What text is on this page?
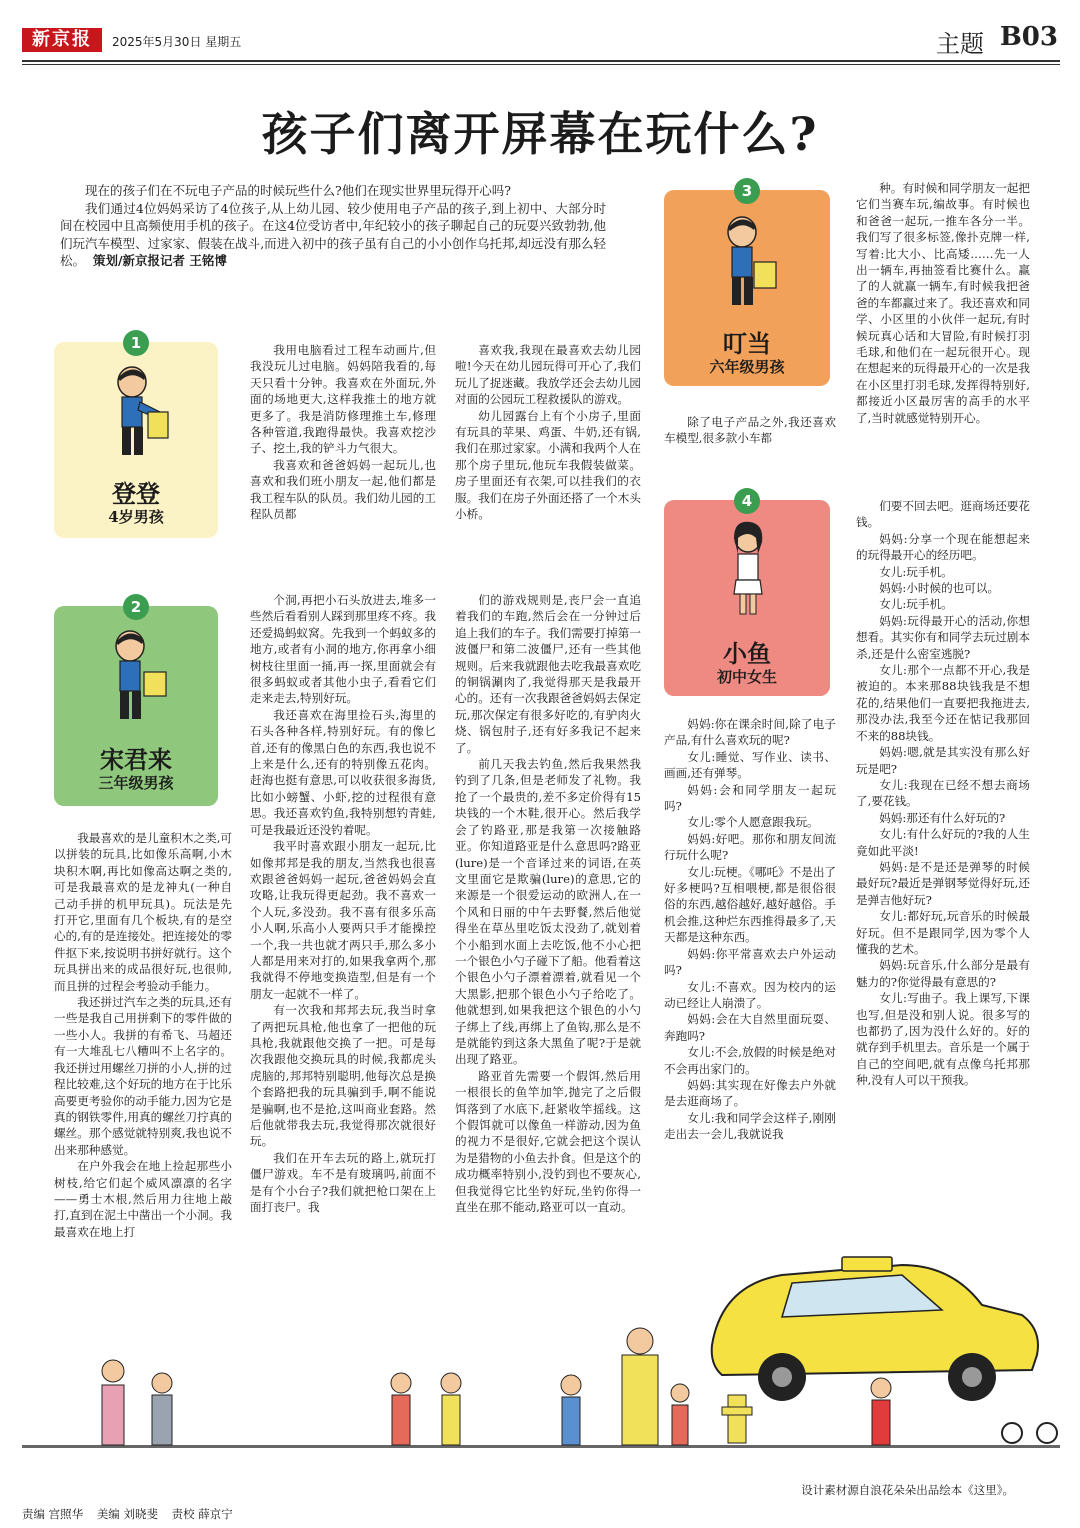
新京报	2025年5月30日 星期五	主题 B03
孩子们离开屏幕在玩什么?

现在的孩子们在不玩电子产品的时候玩些什么?他们在现实世界里玩得开心吗?

我们通过4位妈妈采访了4位孩子,从上幼儿园、较少使用电子产品的孩子,到上初中、大部分时间在校园中且高频使用手机的孩子。在这4位受访者中,年纪较小的孩子聊起自己的玩耍兴致勃勃,他们玩汽车模型、过家家、假装在战斗,而进入初中的孩子虽有自己的小小创作乌托邦,却远没有那么轻松。 策划/新京报记者 王铭博

1
登登
4岁男孩
2
宋君来
三年级男孩
3
叮当
六年级男孩
4
小鱼
初中女生

我用电脑看过工程车动画片,但我没玩儿过电脑。妈妈陪我看的,每天只看十分钟。我喜欢在外面玩,外面的场地更大,这样我推土的地方就更多了。我是消防修理推土车,修理各种管道,我跑得最快。我喜欢挖沙子、挖土,我的铲斗力气很大。

我喜欢和爸爸妈妈一起玩儿,也喜欢和我们班小朋友一起,他们都是我工程车队的队员。我们幼儿园的工程队员都

喜欢我,我现在最喜欢去幼儿园啦!今天在幼儿园玩得可开心了,我们玩儿了捉迷藏。我放学还会去幼儿园对面的公园玩工程救援队的游戏。

幼儿园露台上有个小房子,里面有玩具的苹果、鸡蛋、牛奶,还有锅,我们在那过家家。小满和我两个人在那个房子里玩,他玩车我假装做菜。房子里面还有衣架,可以挂我们的衣服。我们在房子外面还搭了一个木头小桥。

我最喜欢的是儿童积木之类,可以拼装的玩具,比如像乐高啊,小木块积木啊,再比如像高达啊之类的,可是我最喜欢的是龙神丸(一种自己动手拼的机甲玩具)。玩法是先打开它,里面有几个板块,有的是空心的,有的是连接处。把连接处的零件抠下来,按说明书拼好就行。这个玩具拼出来的成品很好玩,也很帅,而且拼的过程会考验动手能力。

我还拼过汽车之类的玩具,还有一些是我自己用拼剩下的零件做的一些小人。我拼的有希飞、马超还有一大堆乱七八糟叫不上名字的。我还拼过用螺丝刀拼的小人,拼的过程比较难,这个好玩的地方在于比乐高要更考验你的动手能力,因为它是真的钢铁零件,用真的螺丝刀拧真的螺丝。那个感觉就特别爽,我也说不出来那种感觉。

在户外我会在地上捡起那些小树枝,给它们起个威风凛凛的名字——勇士木根,然后用力往地上敲打,直到在泥土中凿出一个小洞。我最喜欢在地上打

个洞,再把小石头放进去,堆多一些然后看看别人踩到那里疼不疼。我还爱捣蚂蚁窝。先我到一个蚂蚁多的地方,或者有小洞的地方,你再拿小细树枝往里面一捅,再一探,里面就会有很多蚂蚁或者其他小虫子,看看它们走来走去,特别好玩。

我还喜欢在海里捡石头,海里的石头各种各样,特别好玩。有的像匕首,还有的像黑白色的东西,我也说不上来是什么,还有的特别像五花肉。赶海也挺有意思,可以收获很多海货,比如小螃蟹、小虾,挖的过程很有意思。我还喜欢钓鱼,我特别想钓青蛙,可是我最近还没钓着呢。

我平时喜欢跟小朋友一起玩,比如像邦邦是我的朋友,当然我也很喜欢跟爸爸妈妈一起玩,爸爸妈妈会直攻略,让我玩得更起劲。我不喜欢一个人玩,多没劲。我不喜有很多乐高小人啊,乐高小人要两只手才能操控一个,我一共也就才两只手,那么多小人都是用来对打的,如果我拿两个,那我就得不停地变换造型,但是有一个朋友一起就不一样了。

有一次我和邦邦去玩,我当时拿了两把玩具枪,他也拿了一把他的玩具枪,我就跟他交换了一把。可是每次我跟他交换玩具的时候,我都虎头虎脑的,邦邦特别聪明,他每次总是换个套路把我的玩具骗到手,啊不能说是骗啊,也不是抢,这叫商业套路。然后他就带我去玩,我觉得那次就很好玩。

我们在开车去玩的路上,就玩打僵尸游戏。车不是有玻璃吗,前面不是有个小台子?我们就把枪口架在上面打丧尸。我

们的游戏规则是,丧尸会一直追着我们的车跑,然后会在一分钟过后追上我们的车子。我们需要打掉第一波僵尸和第二波僵尸,还有一些其他规则。后来我就跟他去吃我最喜欢吃的铜锅涮肉了,我觉得那天是我最开心的。还有一次我跟爸爸妈妈去保定玩,那次保定有很多好吃的,有驴肉火烧、锅包肘子,还有好多我记不起来了。

前几天我去钓鱼,然后我果然我钓到了几条,但是老师发了礼物。我抢了一个最贵的,差不多定价得有15块钱的一个木鞋,很开心。然后我学会了钓路亚,那是我第一次接触路亚。你知道路亚是什么意思吗?路亚(lure)是一个音译过来的词语,在英文里面它是欺骗(lure)的意思,它的来源是一个很爱运动的欧洲人,在一个风和日丽的中午去野餐,然后他觉得坐在草丛里吃饭太没劲了,就划着个小船到水面上去吃饭,他不小心把一个银色小勺子碰下了船。他看着这个银色小勺子漂着漂着,就看见一个大黑影,把那个银色小勺子给吃了。他就想到,如果我把这个银色的小勺子绑上了线,再绑上了鱼钩,那么是不是就能钓到这条大黑鱼了呢?于是就出现了路亚。

路亚首先需要一个假饵,然后用一根很长的鱼竿加竿,抛完了之后假饵落到了水底下,赶紧收竿摇线。这个假饵就可以像鱼一样游动,因为鱼的视力不是很好,它就会把这个误认为是猎物的小鱼去扑食。但是这个的成功概率特别小,没钓到也不要灰心,但我觉得它比坐钓好玩,坐钓你得一直坐在那不能动,路亚可以一直动。

除了电子产品之外,我还喜欢车模型,很多款小车都

种。有时候和同学朋友一起把它们当赛车玩,编故事。有时候也和爸爸一起玩,一推车各分一半。我们写了很多标签,像扑克牌一样,写着:比大小、比高矮……先一人出一辆车,再抽签看比赛什么。赢了的人就赢一辆车,有时候我把爸爸的车都赢过来了。我还喜欢和同学、小区里的小伙伴一起玩,有时候玩真心话和大冒险,有时候打羽毛球,和他们在一起玩很开心。现在想起来的玩得最开心的一次是我在小区里打羽毛球,发挥得特别好,都接近小区最厉害的高手的水平了,当时就感觉特别开心。

妈妈:你在课余时间,除了电子产品,有什么喜欢玩的呢?

女儿:睡觉、写作业、读书、画画,还有弹琴。

妈妈:会和同学朋友一起玩吗?

女儿:零个人愿意跟我玩。

妈妈:好吧。那你和朋友间流行玩什么呢?

女儿:玩梗。《哪吒》不是出了好多梗吗?互相喂梗,都是很俗很俗的东西,越俗越好,越好越俗。手机会推,这种烂东西推得最多了,天天都是这种东西。

妈妈:你平常喜欢去户外运动吗?

女儿:不喜欢。因为校内的运动已经让人崩溃了。

妈妈:会在大自然里面玩耍、奔跑吗?

女儿:不会,放假的时候是绝对不会再出家门的。

妈妈:其实现在好像去户外就是去逛商场了。

女儿:我和同学会这样子,刚刚走出去一会儿,我就说我

们要不回去吧。逛商场还要花钱。

妈妈:分享一个现在能想起来的玩得最开心的经历吧。

女儿:玩手机。

妈妈:小时候的也可以。

女儿:玩手机。

妈妈:玩得最开心的活动,你想想看。其实你有和同学去玩过剧本杀,还是什么密室逃脱?

女儿:那个一点都不开心,我是被迫的。本来那88块钱我是不想花的,结果他们一直要把我拖进去,那没办法,我至今还在惦记我那回不来的88块钱。

妈妈:嗯,就是其实没有那么好玩是吧?

女儿:我现在已经不想去商场了,要花钱。

妈妈:那还有什么好玩的?

女儿:有什么好玩的?我的人生竟如此平淡!

妈妈:是不是还是弹琴的时候最好玩?最近是弹钢琴觉得好玩,还是弹吉他好玩?

女儿:都好玩,玩音乐的时候最好玩。但不是跟同学,因为零个人懂我的艺术。

妈妈:玩音乐,什么部分是最有魅力的?你觉得最有意思的?

女儿:写曲子。我上课写,下课也写,但是没和别人说。很多写的也都扔了,因为没什么好的。好的就存到手机里去。音乐是一个属于自己的空间吧,就有点像乌托邦那种,没有人可以干预我。

设计素材源自浪花朵朵出品绘本《这里》。
责编 宫照华 美编 刘晓斐 责校 薛京宁
